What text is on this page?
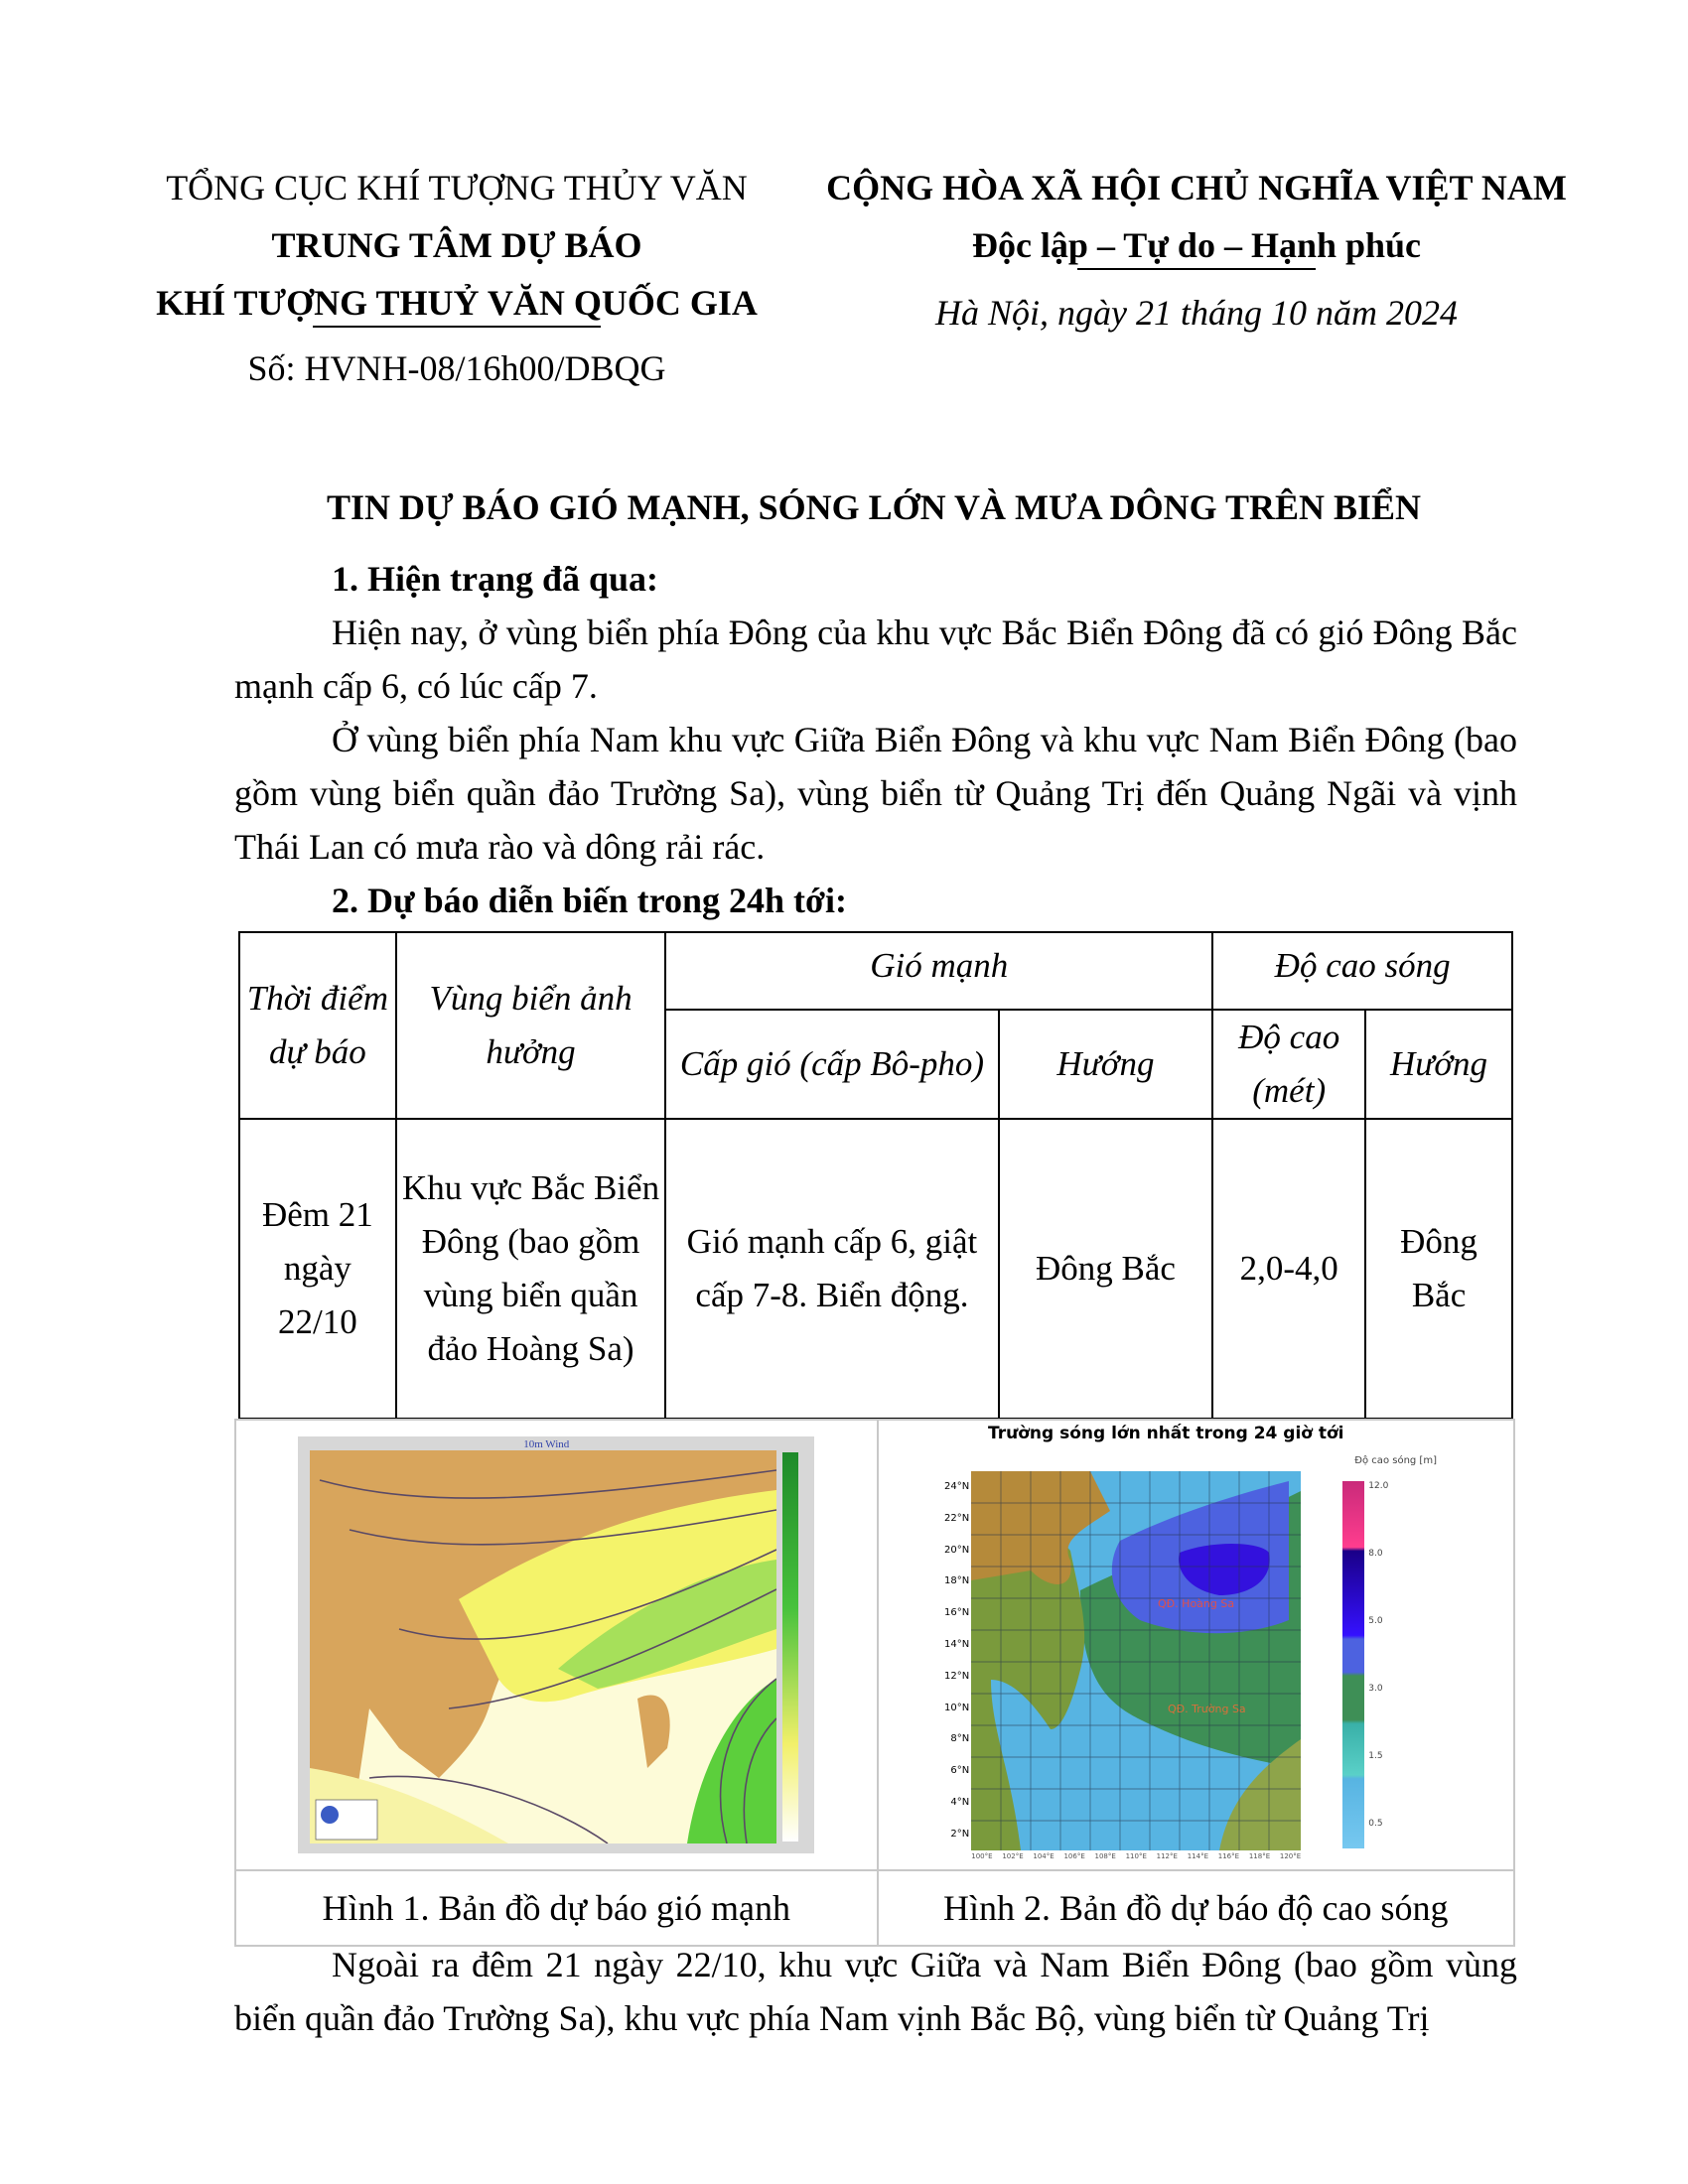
TỔNG CỤC KHÍ TƯỢNG THỦY VĂN
TRUNG TÂM DỰ BÁO
KHÍ TƯỢNG THUỶ VĂN QUỐC GIA
Số: HVNH-08/16h00/DBQG
CỘNG HÒA XÃ HỘI CHỦ NGHĨA VIỆT NAM
Độc lập – Tự do – Hạnh phúc
Hà Nội, ngày 21 tháng 10 năm 2024
TIN DỰ BÁO GIÓ MẠNH, SÓNG LỚN VÀ MƯA DÔNG TRÊN BIỂN
1. Hiện trạng đã qua:
Hiện nay, ở vùng biển phía Đông của khu vực Bắc Biển Đông đã có gió Đông Bắc mạnh cấp 6, có lúc cấp 7.
Ở vùng biển phía Nam khu vực Giữa Biển Đông và khu vực Nam Biển Đông (bao gồm vùng biển quần đảo Trường Sa), vùng biển từ Quảng Trị đến Quảng Ngãi và vịnh Thái Lan có mưa rào và dông rải rác.
2. Dự báo diễn biến trong 24h tới:
Thời điểm dự báo	Vùng biển ảnh hưởng	Gió mạnh		Độ cao sóng	
		Cấp gió (cấp Bô-pho)	Hướng	Độ cao (mét)	Hướng
Đêm 21 ngày 22/10	Khu vực Bắc Biển Đông (bao gồm vùng biển quần đảo Hoàng Sa)	Gió mạnh cấp 6, giật cấp 7-8. Biển động.	Đông Bắc	2,0-4,0	Đông Bắc
10m Wind

Trường sóng lớn nhất trong 24 giờ tới
QĐ. Hoàng Sa
QĐ. Trường Sa
24°N
22°N
20°N
18°N
16°N
14°N
12°N
10°N
8°N
6°N
4°N
2°N
100°E 102°E 104°E 106°E 108°E 110°E 112°E 114°E 116°E 118°E 120°E
Độ cao sóng [m]
12.0
8.0
5.0
3.0
1.5
0.5

Hình 1. Bản đồ dự báo gió mạnh	Hình 2. Bản đồ dự báo độ cao sóng
Ngoài ra đêm 21 ngày 22/10, khu vực Giữa và Nam Biển Đông (bao gồm vùng biển quần đảo Trường Sa), khu vực phía Nam vịnh Bắc Bộ, vùng biển từ Quảng Trị
